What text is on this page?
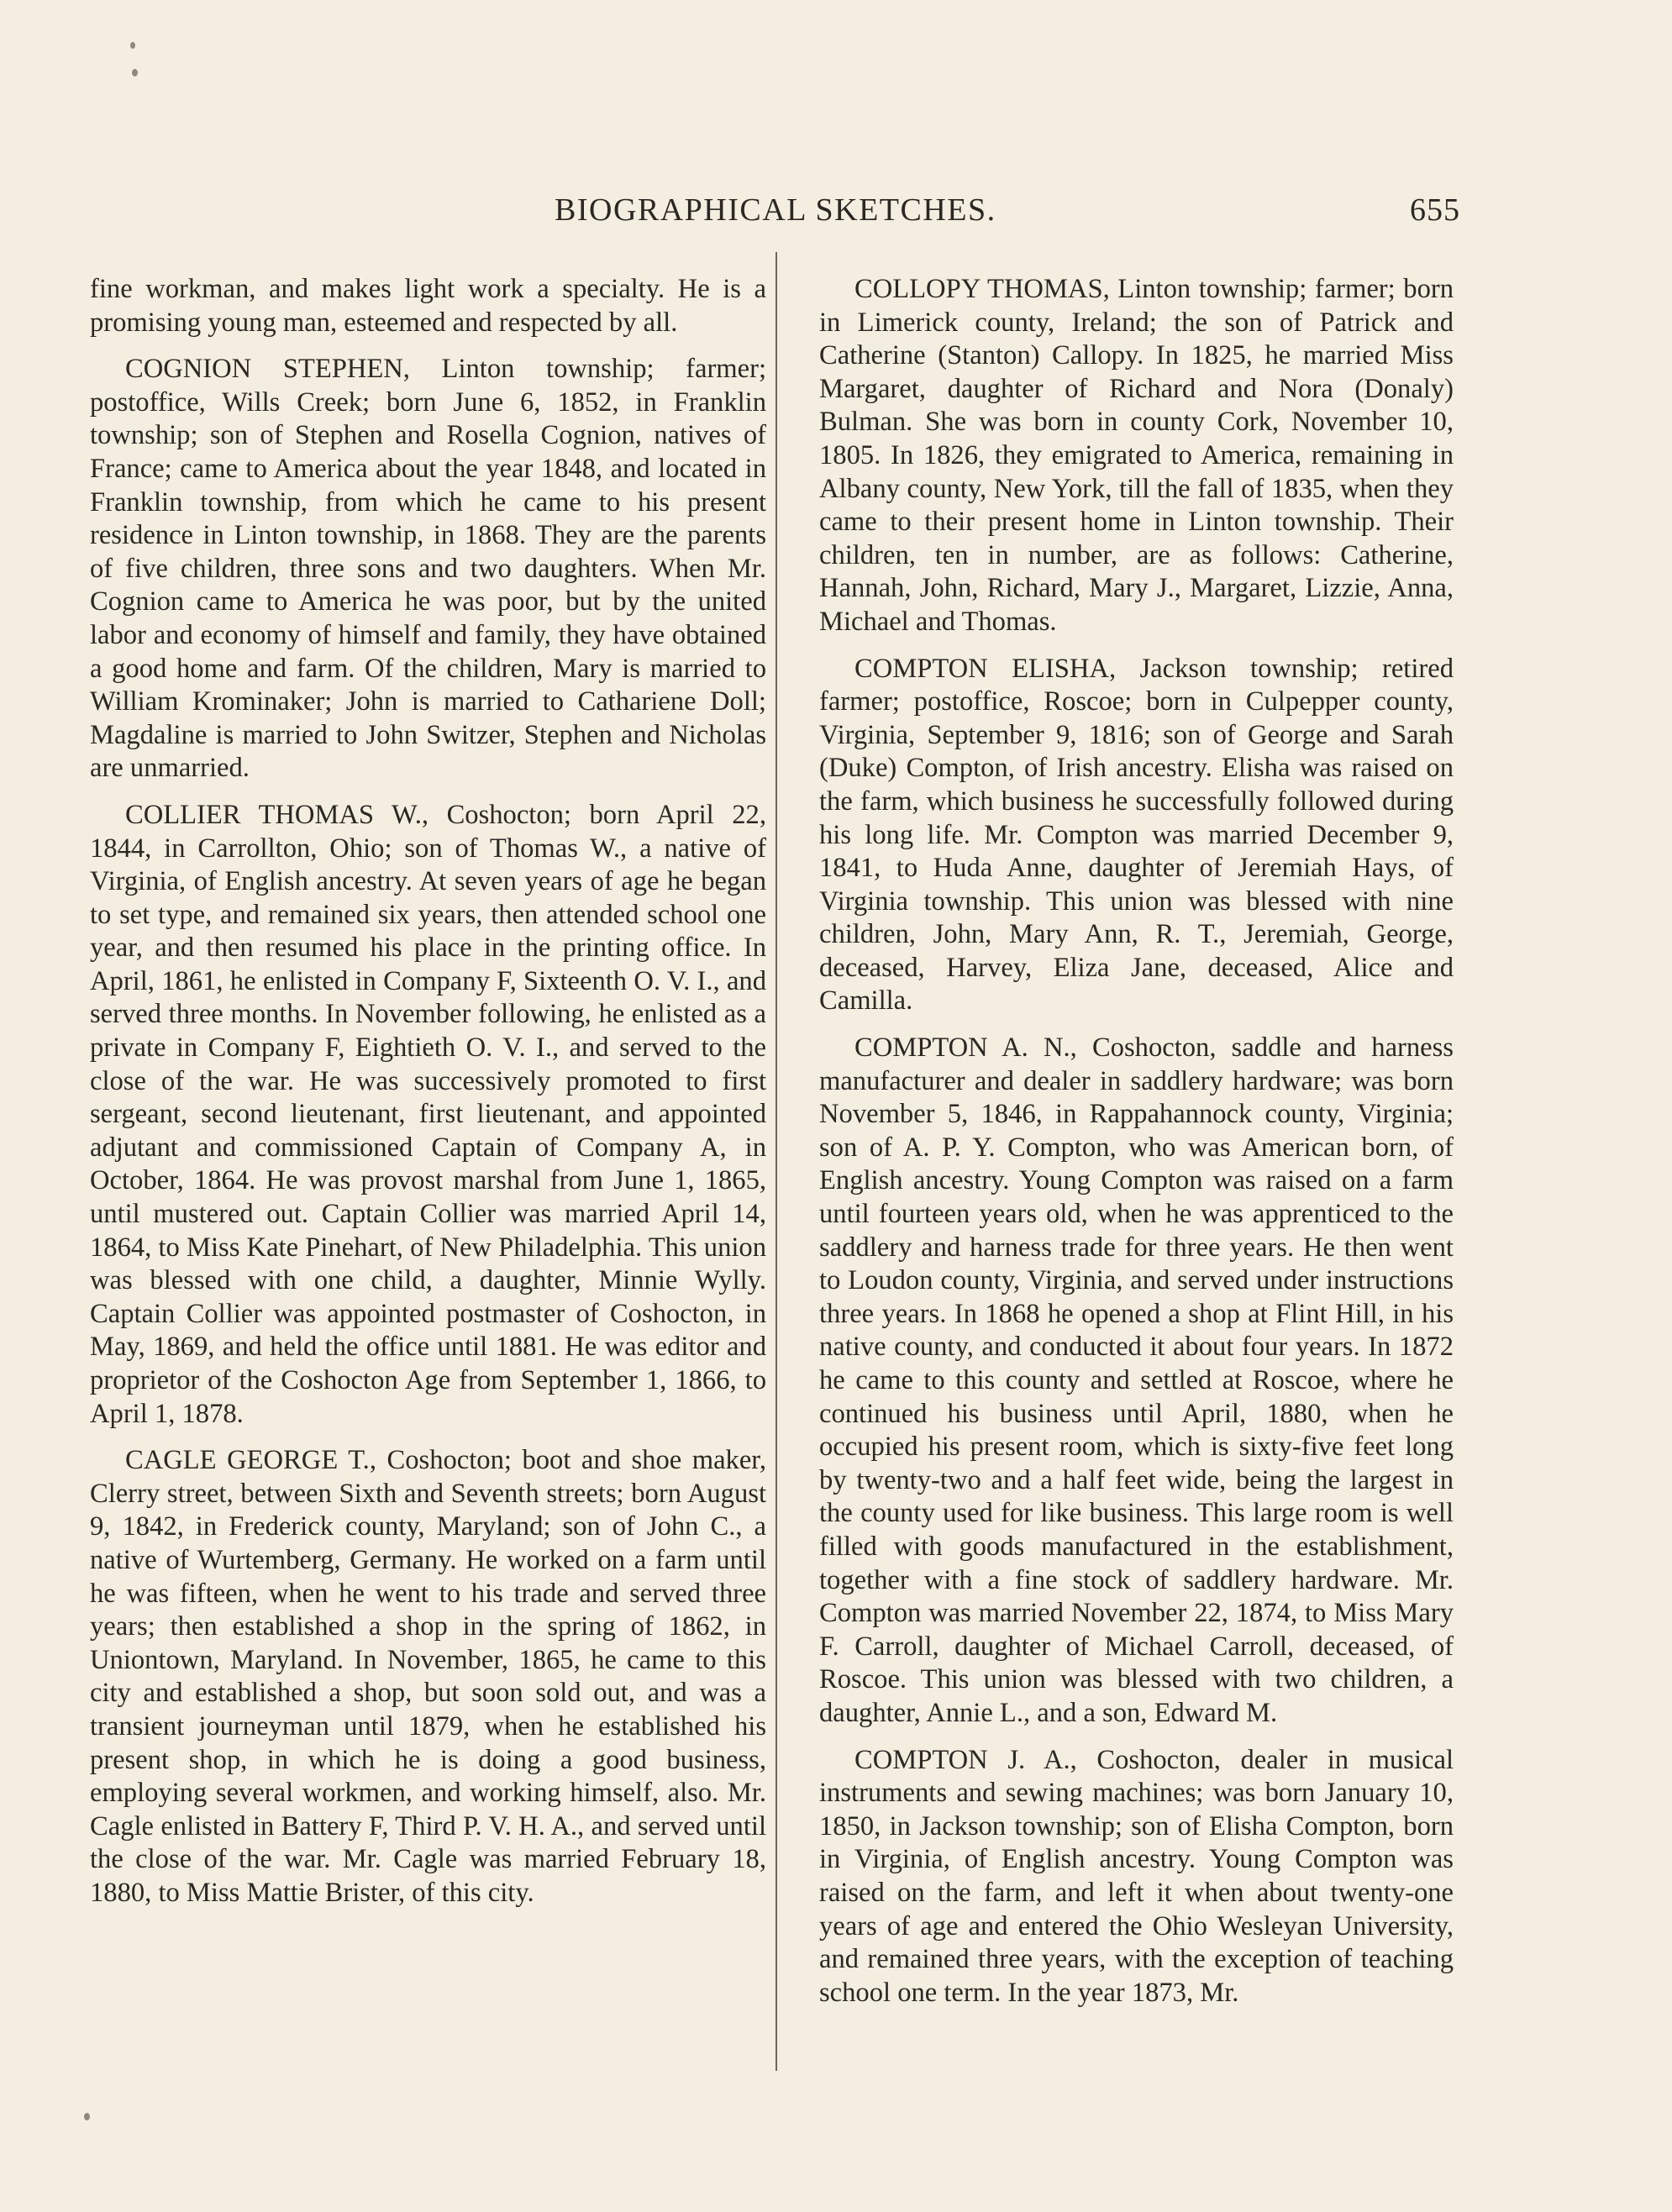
BIOGRAPHICAL SKETCHES.	655

fine workman, and makes light work a specialty. He is a promising young man, esteemed and respected by all.

COGNION STEPHEN, Linton township; farmer; postoffice, Wills Creek; born June 6, 1852, in Franklin township; son of Stephen and Rosella Cognion, natives of France; came to America about the year 1848, and located in Franklin township, from which he came to his present residence in Linton township, in 1868. They are the parents of five children, three sons and two daughters. When Mr. Cognion came to America he was poor, but by the united labor and economy of himself and family, they have obtained a good home and farm. Of the children, Mary is married to William Krominaker; John is married to Cathariene Doll; Magdaline is married to John Switzer, Stephen and Nicholas are unmarried.

COLLIER THOMAS W., Coshocton; born April 22, 1844, in Carrollton, Ohio; son of Thomas W., a native of Virginia, of English ancestry. At seven years of age he began to set type, and remained six years, then attended school one year, and then resumed his place in the printing office. In April, 1861, he enlisted in Company F, Sixteenth O. V. I., and served three months. In November following, he enlisted as a private in Company F, Eightieth O. V. I., and served to the close of the war. He was successively promoted to first sergeant, second lieutenant, first lieutenant, and appointed adjutant and commissioned Captain of Company A, in October, 1864. He was provost marshal from June 1, 1865, until mustered out. Captain Collier was married April 14, 1864, to Miss Kate Pinehart, of New Philadelphia. This union was blessed with one child, a daughter, Minnie Wylly. Captain Collier was appointed postmaster of Coshocton, in May, 1869, and held the office until 1881. He was editor and proprietor of the Coshocton Age from September 1, 1866, to April 1, 1878.

CAGLE GEORGE T., Coshocton; boot and shoe maker, Clerry street, between Sixth and Seventh streets; born August 9, 1842, in Frederick county, Maryland; son of John C., a native of Wurtemberg, Germany. He worked on a farm until he was fifteen, when he went to his trade and served three years; then established a shop in the spring of 1862, in Uniontown, Maryland. In November, 1865, he came to this city and established a shop, but soon sold out, and was a transient journeyman until 1879, when he established his present shop, in which he is doing a good business, employing several workmen, and working himself, also. Mr. Cagle enlisted in Battery F, Third P. V. H. A., and served until the close of the war. Mr. Cagle was married February 18, 1880, to Miss Mattie Brister, of this city.

COLLOPY THOMAS, Linton township; farmer; born in Limerick county, Ireland; the son of Patrick and Catherine (Stanton) Callopy. In 1825, he married Miss Margaret, daughter of Richard and Nora (Donaly) Bulman. She was born in county Cork, November 10, 1805. In 1826, they emigrated to America, remaining in Albany county, New York, till the fall of 1835, when they came to their present home in Linton township. Their children, ten in number, are as follows: Catherine, Hannah, John, Richard, Mary J., Margaret, Lizzie, Anna, Michael and Thomas.

COMPTON ELISHA, Jackson township; retired farmer; postoffice, Roscoe; born in Culpepper county, Virginia, September 9, 1816; son of George and Sarah (Duke) Compton, of Irish ancestry. Elisha was raised on the farm, which business he successfully followed during his long life. Mr. Compton was married December 9, 1841, to Huda Anne, daughter of Jeremiah Hays, of Virginia township. This union was blessed with nine children, John, Mary Ann, R. T., Jeremiah, George, deceased, Harvey, Eliza Jane, deceased, Alice and Camilla.

COMPTON A. N., Coshocton, saddle and harness manufacturer and dealer in saddlery hardware; was born November 5, 1846, in Rappahannock county, Virginia; son of A. P. Y. Compton, who was American born, of English ancestry. Young Compton was raised on a farm until fourteen years old, when he was apprenticed to the saddlery and harness trade for three years. He then went to Loudon county, Virginia, and served under instructions three years. In 1868 he opened a shop at Flint Hill, in his native county, and conducted it about four years. In 1872 he came to this county and settled at Roscoe, where he continued his business until April, 1880, when he occupied his present room, which is sixty-five feet long by twenty-two and a half feet wide, being the largest in the county used for like business. This large room is well filled with goods manufactured in the establishment, together with a fine stock of saddlery hardware. Mr. Compton was married November 22, 1874, to Miss Mary F. Carroll, daughter of Michael Carroll, deceased, of Roscoe. This union was blessed with two children, a daughter, Annie L., and a son, Edward M.

COMPTON J. A., Coshocton, dealer in musical instruments and sewing machines; was born January 10, 1850, in Jackson township; son of Elisha Compton, born in Virginia, of English ancestry. Young Compton was raised on the farm, and left it when about twenty-one years of age and entered the Ohio Wesleyan University, and remained three years, with the exception of teaching school one term. In the year 1873, Mr.
